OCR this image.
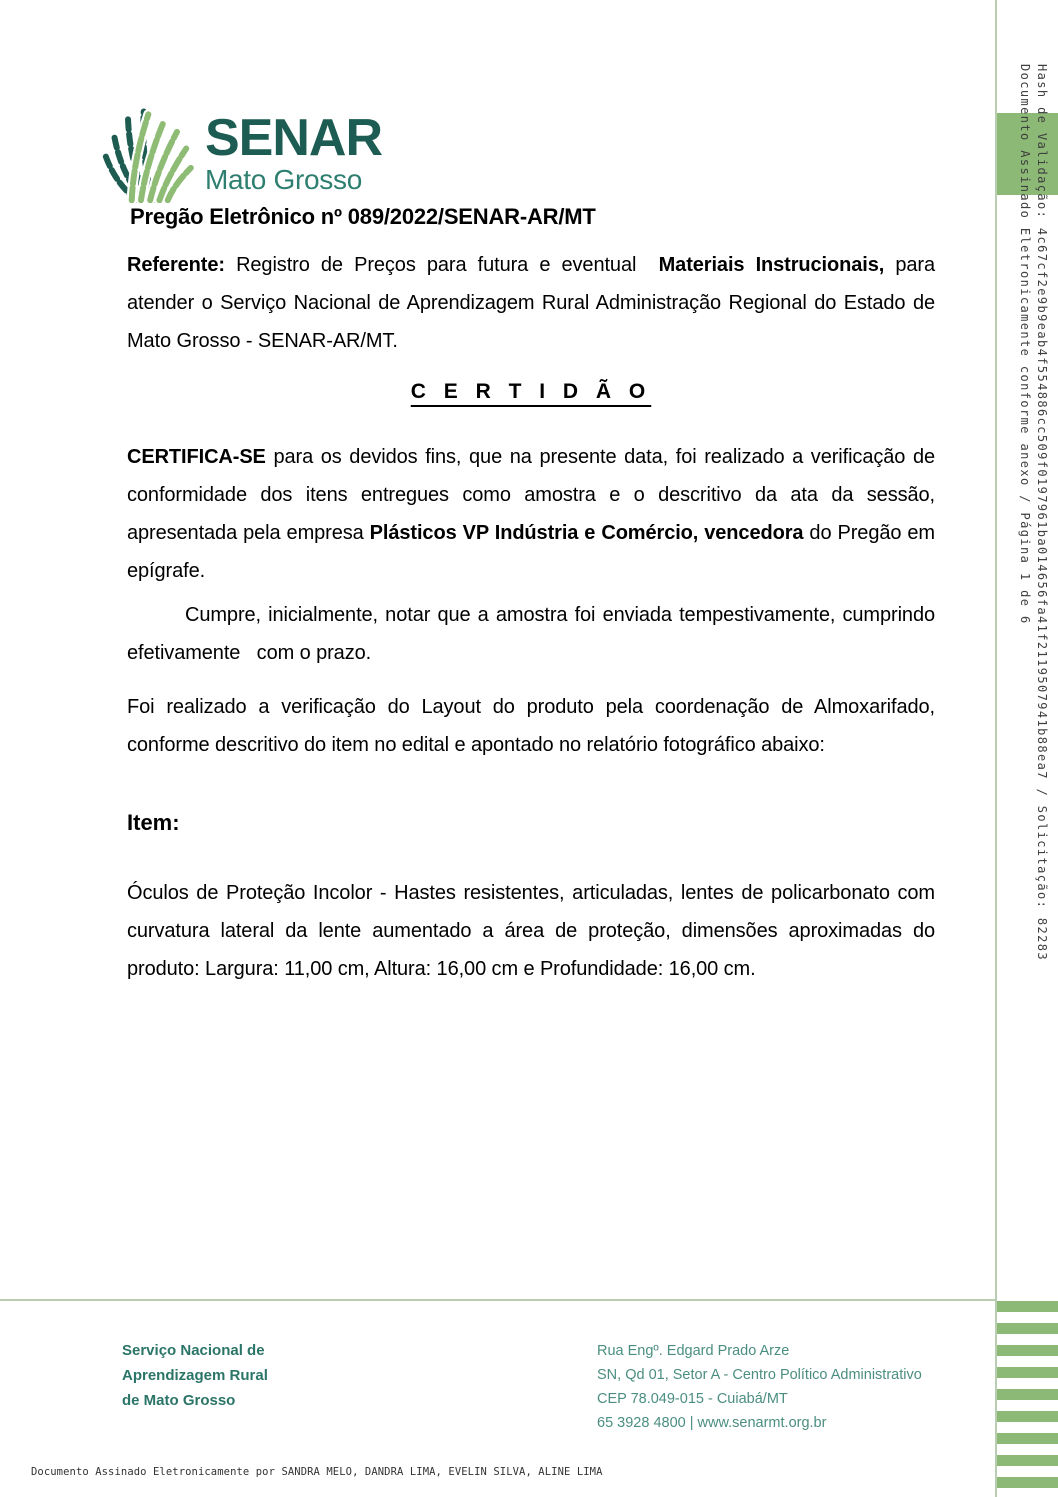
SENAR
Mato Grosso
Pregão Eletrônico nº 089/2022/SENAR-AR/MT

Referente: Registro de Preços para futura e eventual  Materiais Instrucionais, para atender o Serviço Nacional de Aprendizagem Rural Administração Regional do Estado de Mato Grosso - SENAR-AR/MT.

C E R T I D Ã O

CERTIFICA-SE para os devidos fins, que na presente data, foi realizado a verificação de conformidade dos itens entregues como amostra e o descritivo da ata da sessão, apresentada pela empresa Plásticos VP Indústria e Comércio, vencedora do Pregão em epígrafe.

Cumpre, inicialmente, notar que a amostra foi enviada tempestivamente, cumprindo efetivamente   com o prazo.

Foi realizado a verificação do Layout do produto pela coordenação de Almoxarifado, conforme descritivo do item no edital e apontado no relatório fotográfico abaixo:

Item:

Óculos de Proteção Incolor - Hastes resistentes, articuladas, lentes de policarbonato com curvatura lateral da lente aumentado a área de proteção, dimensões aproximadas do produto: Largura: 11,00 cm, Altura: 16,00 cm e Profundidade: 16,00 cm.

Serviço Nacional de
Aprendizagem Rural
de Mato Grosso
Rua Engº. Edgard Prado Arze
SN, Qd 01, Setor A - Centro Político Administrativo
CEP 78.049-015 - Cuiabá/MT
65 3928 4800 | www.senarmt.org.br
Documento Assinado Eletronicamente por SANDRA MELO, DANDRA LIMA, EVELIN SILVA, ALINE LIMA
Hash de Validação: 4c67cf2e9b9eab4f554886cc509f0197961ba014656fa41f2119507941b88ea7 / Solicitação: 82283
Documento Assinado Eletronicamente conforme anexo / Página 1 de 6
